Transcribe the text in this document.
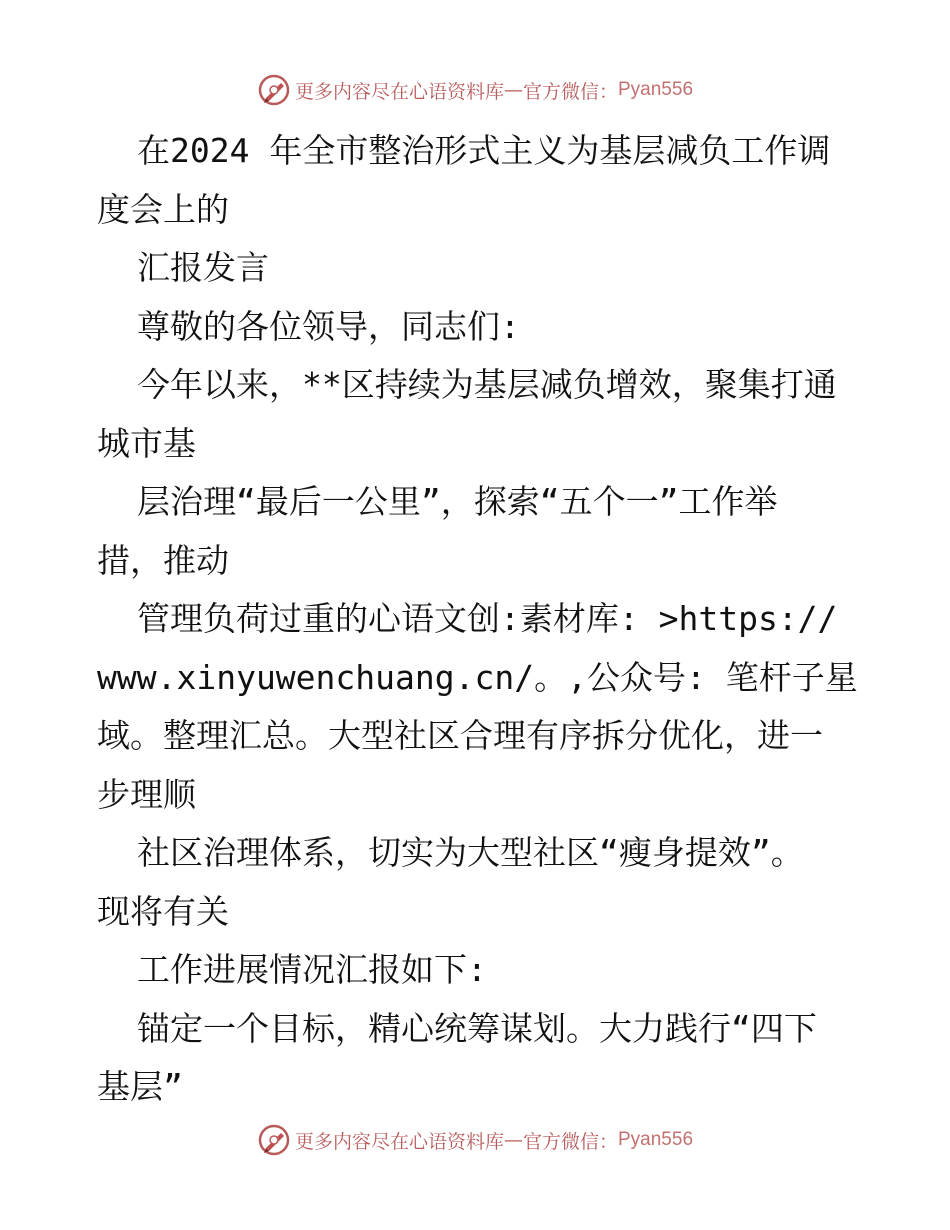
更多内容尽在心语资料库 — 官方微信： Pyan556
在2024 年全市整治形式主义为基层减负工作调
度会上的
汇报发言
尊敬的各位领导，同志们:
今年以来，**区持续为基层减负增效，聚集打通
城市基
层治理“最后一公里”，探索“五个一”工作举
措，推动
管理负荷过重的心语文创:素材库: >https://
www.xinyuwenchuang.cn/。,公众号: 笔杆子星
域。整理汇总。大型社区合理有序拆分优化，进一
步理顺
社区治理体系，切实为大型社区“瘦身提效”。
现将有关
工作进展情况汇报如下:
锚定一个目标，精心统筹谋划。大力践行“四下
基层”
更多内容尽在心语资料库 — 官方微信： Pyan556
